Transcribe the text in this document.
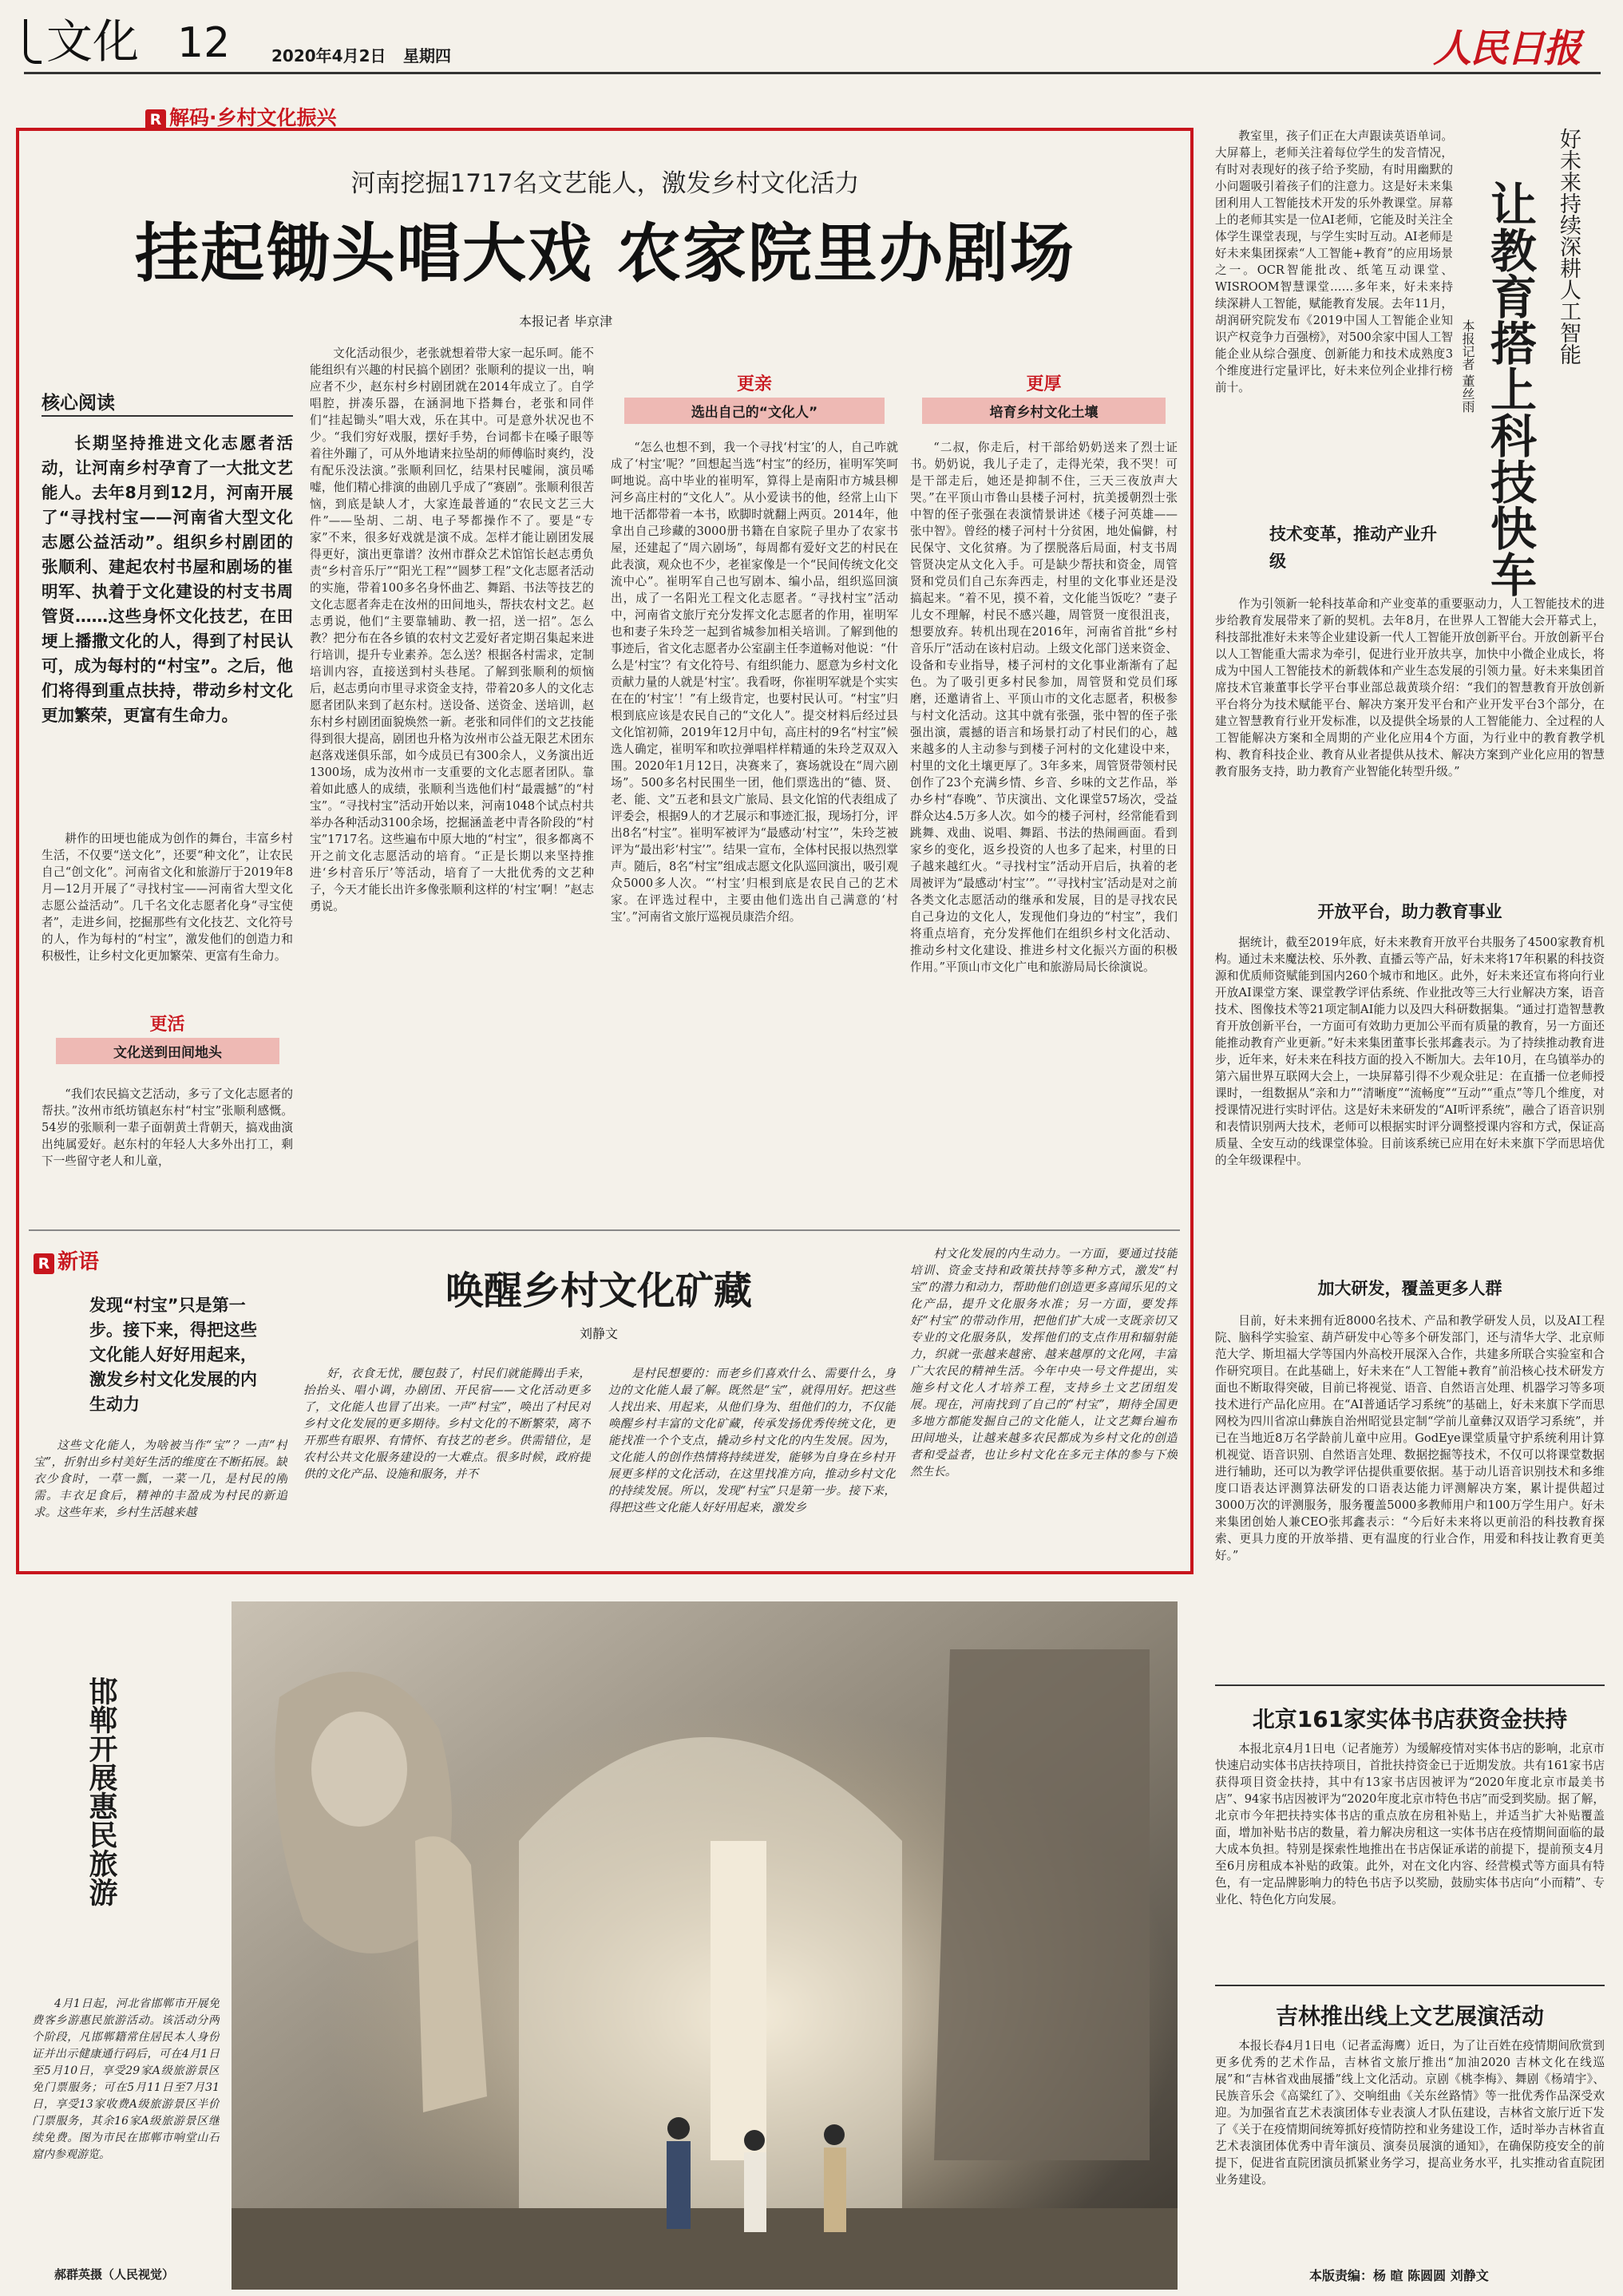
文化 12	2020年4月2日 星期四	人民日报
R 解码·乡村文化振兴
河南挖掘1717名文艺能人，激发乡村文化活力
挂起锄头唱大戏 农家院里办剧场
本报记者 毕京津
核心阅读
长期坚持推进文化志愿者活动，让河南乡村孕育了一大批文艺能人。去年8月到12月，河南开展了“寻找村宝——河南省大型文化志愿公益活动”。组织乡村剧团的张顺利、建起农村书屋和剧场的崔明军、执着于文化建设的村支书周管贤……这些身怀文化技艺，在田埂上播撒文化的人，得到了村民认可，成为每村的“村宝”。之后，他们将得到重点扶持，带动乡村文化更加繁荣，更富有生命力。
耕作的田埂也能成为创作的舞台，丰富乡村生活，不仅要“送文化”，还要“种文化”，让农民自己“创文化”。河南省文化和旅游厅于2019年8月—12月开展了“寻找村宝——河南省大型文化志愿公益活动”。几千名文化志愿者化身“寻宝使者”，走进乡间，挖掘那些有文化技艺、文化符号的人，作为每村的“村宝”，激发他们的创造力和积极性，让乡村文化更加繁荣、更富有生命力。
更活
文化送到田间地头
“我们农民搞文艺活动，多亏了文化志愿者的帮扶。”汝州市纸坊镇赵东村“村宝”张顺利感慨。54岁的张顺利一辈子面朝黄土背朝天，搞戏曲演出纯属爱好。赵东村的年轻人大多外出打工，剩下一些留守老人和儿童，
文化活动很少，老张就想着带大家一起乐呵。能不能组织有兴趣的村民搞个剧团？张顺利的提议一出，响应者不少，赵东村乡村剧团就在2014年成立了。自学唱腔，拼凑乐器，在涵洞地下搭舞台，老张和同伴们“挂起锄头”唱大戏，乐在其中。可是意外状况也不少。“我们穷好戏服，摆好手势，台词都卡在嗓子眼等着往外蹦了，可从外地请来拉坠胡的师傅临时爽约，没有配乐没法演。”张顺利回忆，结果村民嘘闹，演员唏嘘，他们精心排演的曲剧几乎成了“赛剧”。张顺利很苦恼，到底是缺人才，大家连最普通的“农民文艺三大件”——坠胡、二胡、电子琴都操作不了。要是“专家”不来，很多好戏就是演不成。怎样才能让剧团发展得更好，演出更靠谱？汝州市群众艺术馆馆长赵志勇负责“乡村音乐厅”“阳光工程”“圆梦工程”文化志愿者活动的实施，带着100多名身怀曲艺、舞蹈、书法等技艺的文化志愿者奔走在汝州的田间地头，帮扶农村文艺。赵志勇说，他们“主要靠辅助、教一招，送一招”。怎么教？把分布在各乡镇的农村文艺爱好者定期召集起来进行培训，提升专业素养。怎么送？根据各村需求，定制培训内容，直接送到村头巷尾。了解到张顺利的烦恼后，赵志勇向市里寻求资金支持，带着20多人的文化志愿者团队来到了赵东村。送设备、送资金、送培训，赵东村乡村剧团面貌焕然一新。老张和同伴们的文艺技能得到很大提高，剧团也升格为汝州市公益无限艺术团东赵落戏迷俱乐部，如今成员已有300余人，义务演出近1300场，成为汝州市一支重要的文化志愿者团队。靠着如此感人的成绩，张顺利当选他们村“最震撼”的“村宝”。“寻找村宝”活动开始以来，河南1048个试点村共举办各种活动3100余场，挖掘涵盖老中青各阶段的“村宝”1717名。这些遍布中原大地的“村宝”，很多都离不开之前文化志愿活动的培育。“正是长期以来坚持推进‘乡村音乐厅’等活动，培育了一大批优秀的文艺种子，今天才能长出许多像张顺利这样的‘村宝’啊！”赵志勇说。
更亲
选出自己的“文化人”
“怎么也想不到，我一个寻找‘村宝’的人，自己咋就成了‘村宝’呢？”回想起当选“村宝”的经历，崔明军笑呵呵地说。高中毕业的崔明军，算得上是南阳市方城县柳河乡高庄村的“文化人”。从小爱读书的他，经常上山下地干活都带着一本书，欧脚时就翻上两页。2014年，他拿出自己珍藏的3000册书籍在自家院子里办了农家书屋，还建起了“周六剧场”，每周都有爱好文艺的村民在此表演，观众也不少，老崔家像是一个“民间传统文化交流中心”。崔明军自己也写剧本、编小品，组织巡回演出，成了一名阳光工程文化志愿者。“寻找村宝”活动中，河南省文旅厅充分发挥文化志愿者的作用，崔明军也和妻子朱玲芝一起到省城参加相关培训。了解到他的事迹后，省文化志愿者办公室副主任李道畅对他说：“什么是‘村宝’？有文化符号、有组织能力、愿意为乡村文化贡献力量的人就是‘村宝’。我看呀，你崔明军就是个实实在在的‘村宝’！”有上级肯定，也要村民认可。“村宝”归根到底应该是农民自己的“文化人”。提交材料后经过县文化馆初筛，2019年12月中旬，高庄村的9名“村宝”候选人确定，崔明军和吹拉弹唱样样精通的朱玲芝双双入围。2020年1月12日，决赛来了，赛场就设在“周六剧场”。500多名村民围坐一团，他们票选出的“德、贤、老、能、文”五老和县文广旅局、县文化馆的代表组成了评委会，根据9人的才艺展示和事迹汇报，现场打分，评出8名“村宝”。崔明军被评为“最感动‘村宝’”，朱玲芝被评为“最出彩‘村宝’”。结果一宣布，全体村民报以热烈掌声。随后，8名“村宝”组成志愿文化队巡回演出，吸引观众5000多人次。“‘村宝’归根到底是农民自己的艺术家。在评选过程中，主要由他们选出自己满意的‘村宝’。”河南省文旅厅巡视员康浩介绍。
更厚
培育乡村文化土壤
“二叔，你走后，村干部给奶奶送来了烈士证书。奶奶说，我儿子走了，走得光荣，我不哭！可是干部走后，她还是抑制不住，三天三夜放声大哭。”在平顶山市鲁山县楼子河村，抗美援朝烈士张中智的侄子张强在表演情景讲述《楼子河英雄——张中智》。曾经的楼子河村十分贫困，地处偏僻，村民保守、文化贫瘠。为了摆脱落后局面，村支书周管贤决定从文化入手。可是缺少帮扶和资金，周管贤和党员们自己东奔西走，村里的文化事业还是没搞起来。“着不见，摸不着，文化能当饭吃？”妻子儿女不理解，村民不感兴趣，周管贤一度很沮丧，想要放弃。转机出现在2016年，河南省首批“乡村音乐厅”活动在该村启动。上级文化部门送来资金、设备和专业指导，楼子河村的文化事业渐渐有了起色。为了吸引更多村民参加，周管贤和党员们琢磨，还邀请省上、平顶山市的文化志愿者，积极参与村文化活动。这其中就有张强，张中智的侄子张强出演，震撼的语言和场景打动了村民们的心，越来越多的人主动参与到楼子河村的文化建设中来，村里的文化土壤更厚了。3年多来，周管贤带领村民创作了23个充满乡情、乡音、乡味的文艺作品，举办乡村“春晚”、节庆演出、文化课堂57场次，受益群众达4.5万多人次。如今的楼子河村，经常能看到跳舞、戏曲、说唱、舞蹈、书法的热闹画面。看到家乡的变化，返乡投资的人也多了起来，村里的日子越来越红火。“寻找村宝”活动开启后，执着的老周被评为“最感动‘村宝’”。“‘寻找村宝’活动是对之前各类文化志愿活动的继承和发展，目的是寻找农民自己身边的文化人，发现他们身边的“村宝”，我们将重点培育，充分发挥他们在组织乡村文化活动、推动乡村文化建设、推进乡村文化振兴方面的积极作用。”平顶山市文化广电和旅游局局长徐演说。
R 新语
发现“村宝”只是第一步。接下来，得把这些文化能人好好用起来，激发乡村文化发展的内生动力
这些文化能人，为啥被当作“宝”？一声“村宝”，折射出乡村美好生活的维度在不断拓展。缺衣少食时，一草一瓢，一菜一几，是村民的刚需。丰衣足食后，精神的丰盈成为村民的新追求。这些年来，乡村生活越来越
唤醒乡村文化矿藏
刘静文
好，衣食无忧，腰包鼓了，村民们就能腾出手来，抬抬头、唱小调，办剧团、开民宿——文化活动更多了，文化能人也冒了出来。一声“村宝”，唤出了村民对乡村文化发展的更多期待。乡村文化的不断繁荣，离不开那些有眼界、有情怀、有技艺的老乡。供需错位，是农村公共文化服务建设的一大难点。很多时候，政府提供的文化产品、设施和服务，并不
是村民想要的：而老乡们喜欢什么、需要什么，身边的文化能人最了解。既然是“宝”，就得用好。把这些人找出来、用起来，从他们身为、组他们的力，不仅能唤醒乡村丰富的文化矿藏，传承发扬优秀传统文化，更能找准一个个支点，撬动乡村文化的内生发展。因为，文化能人的创作热情将持续迸发，能够为自身在乡村开展更多样的文化活动，在这里找准方向，推动乡村文化的持续发展。所以，发现“村宝”只是第一步。接下来，得把这些文化能人好好用起来，激发乡
村文化发展的内生动力。一方面，要通过技能培训、资金支持和政策扶持等多种方式，激发“村宝”的潜力和动力，帮助他们创造更多喜闻乐见的文化产品，提升文化服务水准；另一方面，要发挥好“村宝”的带动作用，把他们扩大成一支既亲切又专业的文化服务队，发挥他们的支点作用和辐射能力，织就一张越来越密、越来越厚的文化网，丰富广大农民的精神生活。今年中央一号文件提出，实施乡村文化人才培养工程，支持乡土文艺团组发展。现在，河南找到了自己的“村宝”，期待全国更多地方都能发掘自己的文化能人，让文艺舞台遍布田间地头，让越来越多农民都成为乡村文化的创造者和受益者，也让乡村文化在多元主体的参与下焕然生长。
邯郸开展惠民旅游
4月1日起，河北省邯郸市开展免费客乡游惠民旅游活动。该活动分两个阶段，凡邯郸籍常住居民本人身份证并出示健康通行码后，可在4月1日至5月10日，享受29家A级旅游景区免门票服务；可在5月11日至7月31日，享受13家收费A级旅游景区半价门票服务，其余16家A级旅游景区继续免费。图为市民在邯郸市响堂山石窟内参观游览。
郝群英摄（人民视觉）
教室里，孩子们正在大声跟读英语单词。大屏幕上，老师关注着每位学生的发音情况，有时对表现好的孩子给予奖励，有时用幽默的小问题吸引着孩子们的注意力。这是好未来集团利用人工智能技术开发的乐外教课堂。屏幕上的老师其实是一位AI老师，它能及时关注全体学生课堂表现，与学生实时互动。AI老师是好未来集团探索“人工智能+教育”的应用场景之一。OCR智能批改、纸笔互动课堂、WISROOM智慧课堂……多年来，好未来持续深耕人工智能，赋能教育发展。去年11月，胡润研究院发布《2019中国人工智能企业知识产权竞争力百强榜》，对500余家中国人工智能企业从综合强度、创新能力和技术成熟度3个维度进行定量评比，好未来位列企业排行榜前十。
好未来持续深耕人工智能
让教育搭上科技快车
本报记者 董丝雨
技术变革，推动产业升级
作为引领新一轮科技革命和产业变革的重要驱动力，人工智能技术的进步给教育发展带来了新的契机。去年8月，在世界人工智能大会开幕式上，科技部批准好未来等企业建设新一代人工智能开放创新平台。开放创新平台以人工智能重大需求为牵引，促进行业开放共享，加快中小微企业成长，将成为中国人工智能技术的新载体和产业生态发展的引领力量。好未来集团首席技术官兼董事长学平台事业部总裁黄琰介绍：“我们的智慧教育开放创新平台将分为技术赋能平台、解决方案开发平台和产业开发平台3个部分，在建立智慧教育行业开发标准，以及提供全场景的人工智能能力、全过程的人工智能解决方案和全周期的产业化应用4个方面，为行业中的教育教学机构、教育科技企业、教育从业者提供从技术、解决方案到产业化应用的智慧教育服务支持，助力教育产业智能化转型升级。”
开放平台，助力教育事业
据统计，截至2019年底，好未来教育开放平台共服务了4500家教育机构。通过未来魔法校、乐外教、直播云等产品，好未来将17年积累的科技资源和优质师资赋能到国内260个城市和地区。此外，好未来还宣布将向行业开放AI课堂方案、课堂教学评估系统、作业批改等三大行业解决方案，语音技术、图像技术等21项定制AI能力以及四大科研数据集。“通过打造智慧教育开放创新平台，一方面可有效助力更加公平而有质量的教育，另一方面还能推动教育产业更新。”好未来集团董事长张邦鑫表示。为了持续推动教育进步，近年来，好未来在科技方面的投入不断加大。去年10月，在乌镇举办的第六届世界互联网大会上，一块屏幕引得不少观众驻足：在直播一位老师授课时，一组数据从“亲和力”“清晰度”“流畅度”“互动”“重点”等几个维度，对授课情况进行实时评估。这是好未来研发的“AI听评系统”，融合了语音识别和表情识别两大技术，老师可以根据实时评分调整授课内容和方式，保证高质量、全安互动的线课堂体验。目前该系统已应用在好未来旗下学而思培优的全年级课程中。
加大研发，覆盖更多人群
目前，好未来拥有近8000名技术、产品和教学研发人员，以及AI工程院、脑科学实验室、葫芦研发中心等多个研发部门，还与清华大学、北京师范大学、斯坦福大学等国内外高校开展深入合作，共建多所联合实验室和合作研究项目。在此基础上，好未来在“人工智能+教育”前沿核心技术研发方面也不断取得突破，目前已将视觉、语音、自然语言处理、机器学习等多项技术进行产品化应用。在“AI普通话学习系统”的基础上，好未来旗下学而思网校为四川省凉山彝族自治州昭觉县定制“学前儿童彝汉双语学习系统”，并已在当地近8万名学龄前儿童中应用。GodEye课堂质量守护系统利用计算机视觉、语音识别、自然语言处理、数据挖掘等技术，不仅可以将课堂数据进行辅助，还可以为教学评估提供重要依据。基于动儿语音识别技术和多维度口语表达评测算法研发的口语表达能力评测解决方案，累计提供超过3000万次的评测服务，服务覆盖5000多教师用户和100万学生用户。好未来集团创始人兼CEO张邦鑫表示：“今后好未来将以更前沿的科技教育探索、更具力度的开放举措、更有温度的行业合作，用爱和科技让教育更美好。”
北京161家实体书店获资金扶持
本报北京4月1日电（记者施芳）为缓解疫情对实体书店的影响，北京市快速启动实体书店扶持项目，首批扶持资金已于近期发放。共有161家书店获得项目资金扶持，其中有13家书店因被评为“2020年度北京市最美书店”、94家书店因被评为“2020年度北京市特色书店”而受到奖励。据了解，北京市今年把扶持实体书店的重点放在房租补贴上，并适当扩大补贴覆盖面，增加补贴书店的数量，着力解决房租这一实体书店在疫情期间面临的最大成本负担。特别是探索性地推出在书店保证承诺的前提下，提前预支4月至6月房租成本补贴的政策。此外，对在文化内容、经营模式等方面具有特色，有一定品牌影响力的特色书店予以奖励，鼓励实体书店向“小而精”、专业化、特色化方向发展。
吉林推出线上文艺展演活动
本报长春4月1日电（记者孟海鹰）近日，为了让百姓在疫情期间欣赏到更多优秀的艺术作品，吉林省文旅厅推出“加油2020 吉林文化在线巡展”和“吉林省戏曲展播”线上文化活动。京剧《桃李梅》、舞剧《杨靖宇》、民族音乐会《高粱红了》、交响组曲《关东丝路情》等一批优秀作品深受欢迎。为加强省直艺术表演团体专业表演人才队伍建设，吉林省文旅厅近下发了《关于在疫情期间统筹抓好疫情防控和业务建设工作，适时举办吉林省直艺术表演团体优秀中青年演员、演奏员展演的通知》，在确保防疫安全的前提下，促进省直院团演员抓紧业务学习，提高业务水平，扎实推动省直院团业务建设。
本版责编：杨 暄 陈圆圆 刘静文
